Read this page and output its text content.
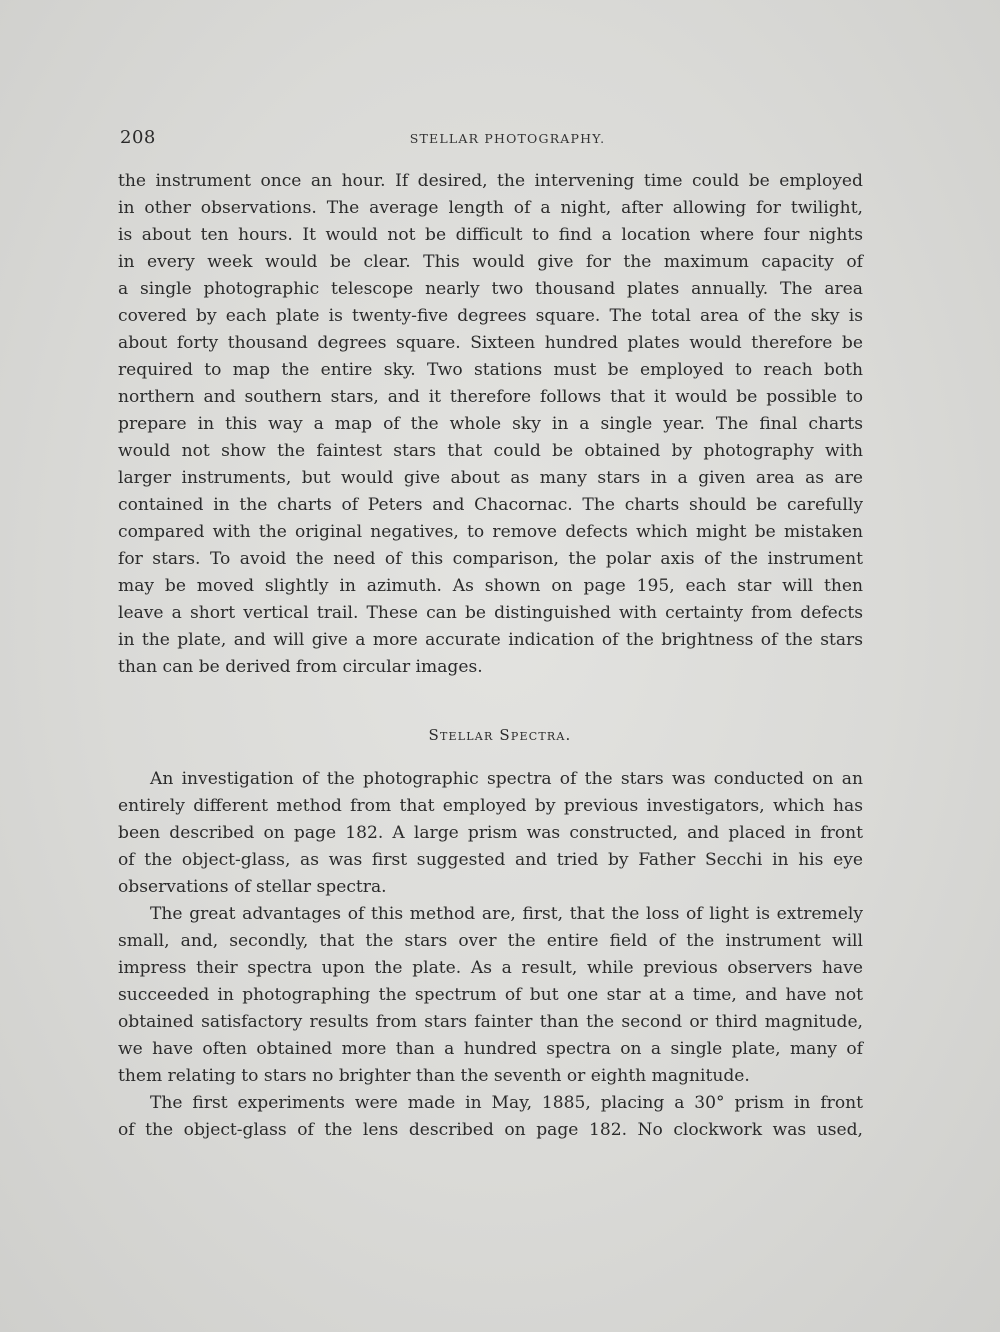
208	STELLAR PHOTOGRAPHY.
the instrument once an hour. If desired, the intervening time could be employed
in other observations. The average length of a night, after allowing for twilight,
is about ten hours. It would not be difficult to find a location where four nights
in every week would be clear. This would give for the maximum capacity of
a single photographic telescope nearly two thousand plates annually. The area
covered by each plate is twenty-five degrees square. The total area of the sky is
about forty thousand degrees square. Sixteen hundred plates would therefore be
required to map the entire sky. Two stations must be employed to reach both
northern and southern stars, and it therefore follows that it would be possible to
prepare in this way a map of the whole sky in a single year. The final charts
would not show the faintest stars that could be obtained by photography with
larger instruments, but would give about as many stars in a given area as are
contained in the charts of Peters and Chacornac. The charts should be carefully
compared with the original negatives, to remove defects which might be mistaken
for stars. To avoid the need of this comparison, the polar axis of the instrument
may be moved slightly in azimuth. As shown on page 195, each star will then
leave a short vertical trail. These can be distinguished with certainty from defects
in the plate, and will give a more accurate indication of the brightness of the stars
than can be derived from circular images.
Stellar Spectra.
An investigation of the photographic spectra of the stars was conducted on an
entirely different method from that employed by previous investigators, which has
been described on page 182. A large prism was constructed, and placed in front
of the object-glass, as was first suggested and tried by Father Secchi in his eye
observations of stellar spectra.
The great advantages of this method are, first, that the loss of light is extremely
small, and, secondly, that the stars over the entire field of the instrument will
impress their spectra upon the plate. As a result, while previous observers have
succeeded in photographing the spectrum of but one star at a time, and have not
obtained satisfactory results from stars fainter than the second or third magnitude,
we have often obtained more than a hundred spectra on a single plate, many of
them relating to stars no brighter than the seventh or eighth magnitude.
The first experiments were made in May, 1885, placing a 30° prism in front
of the object-glass of the lens described on page 182. No clockwork was used,
